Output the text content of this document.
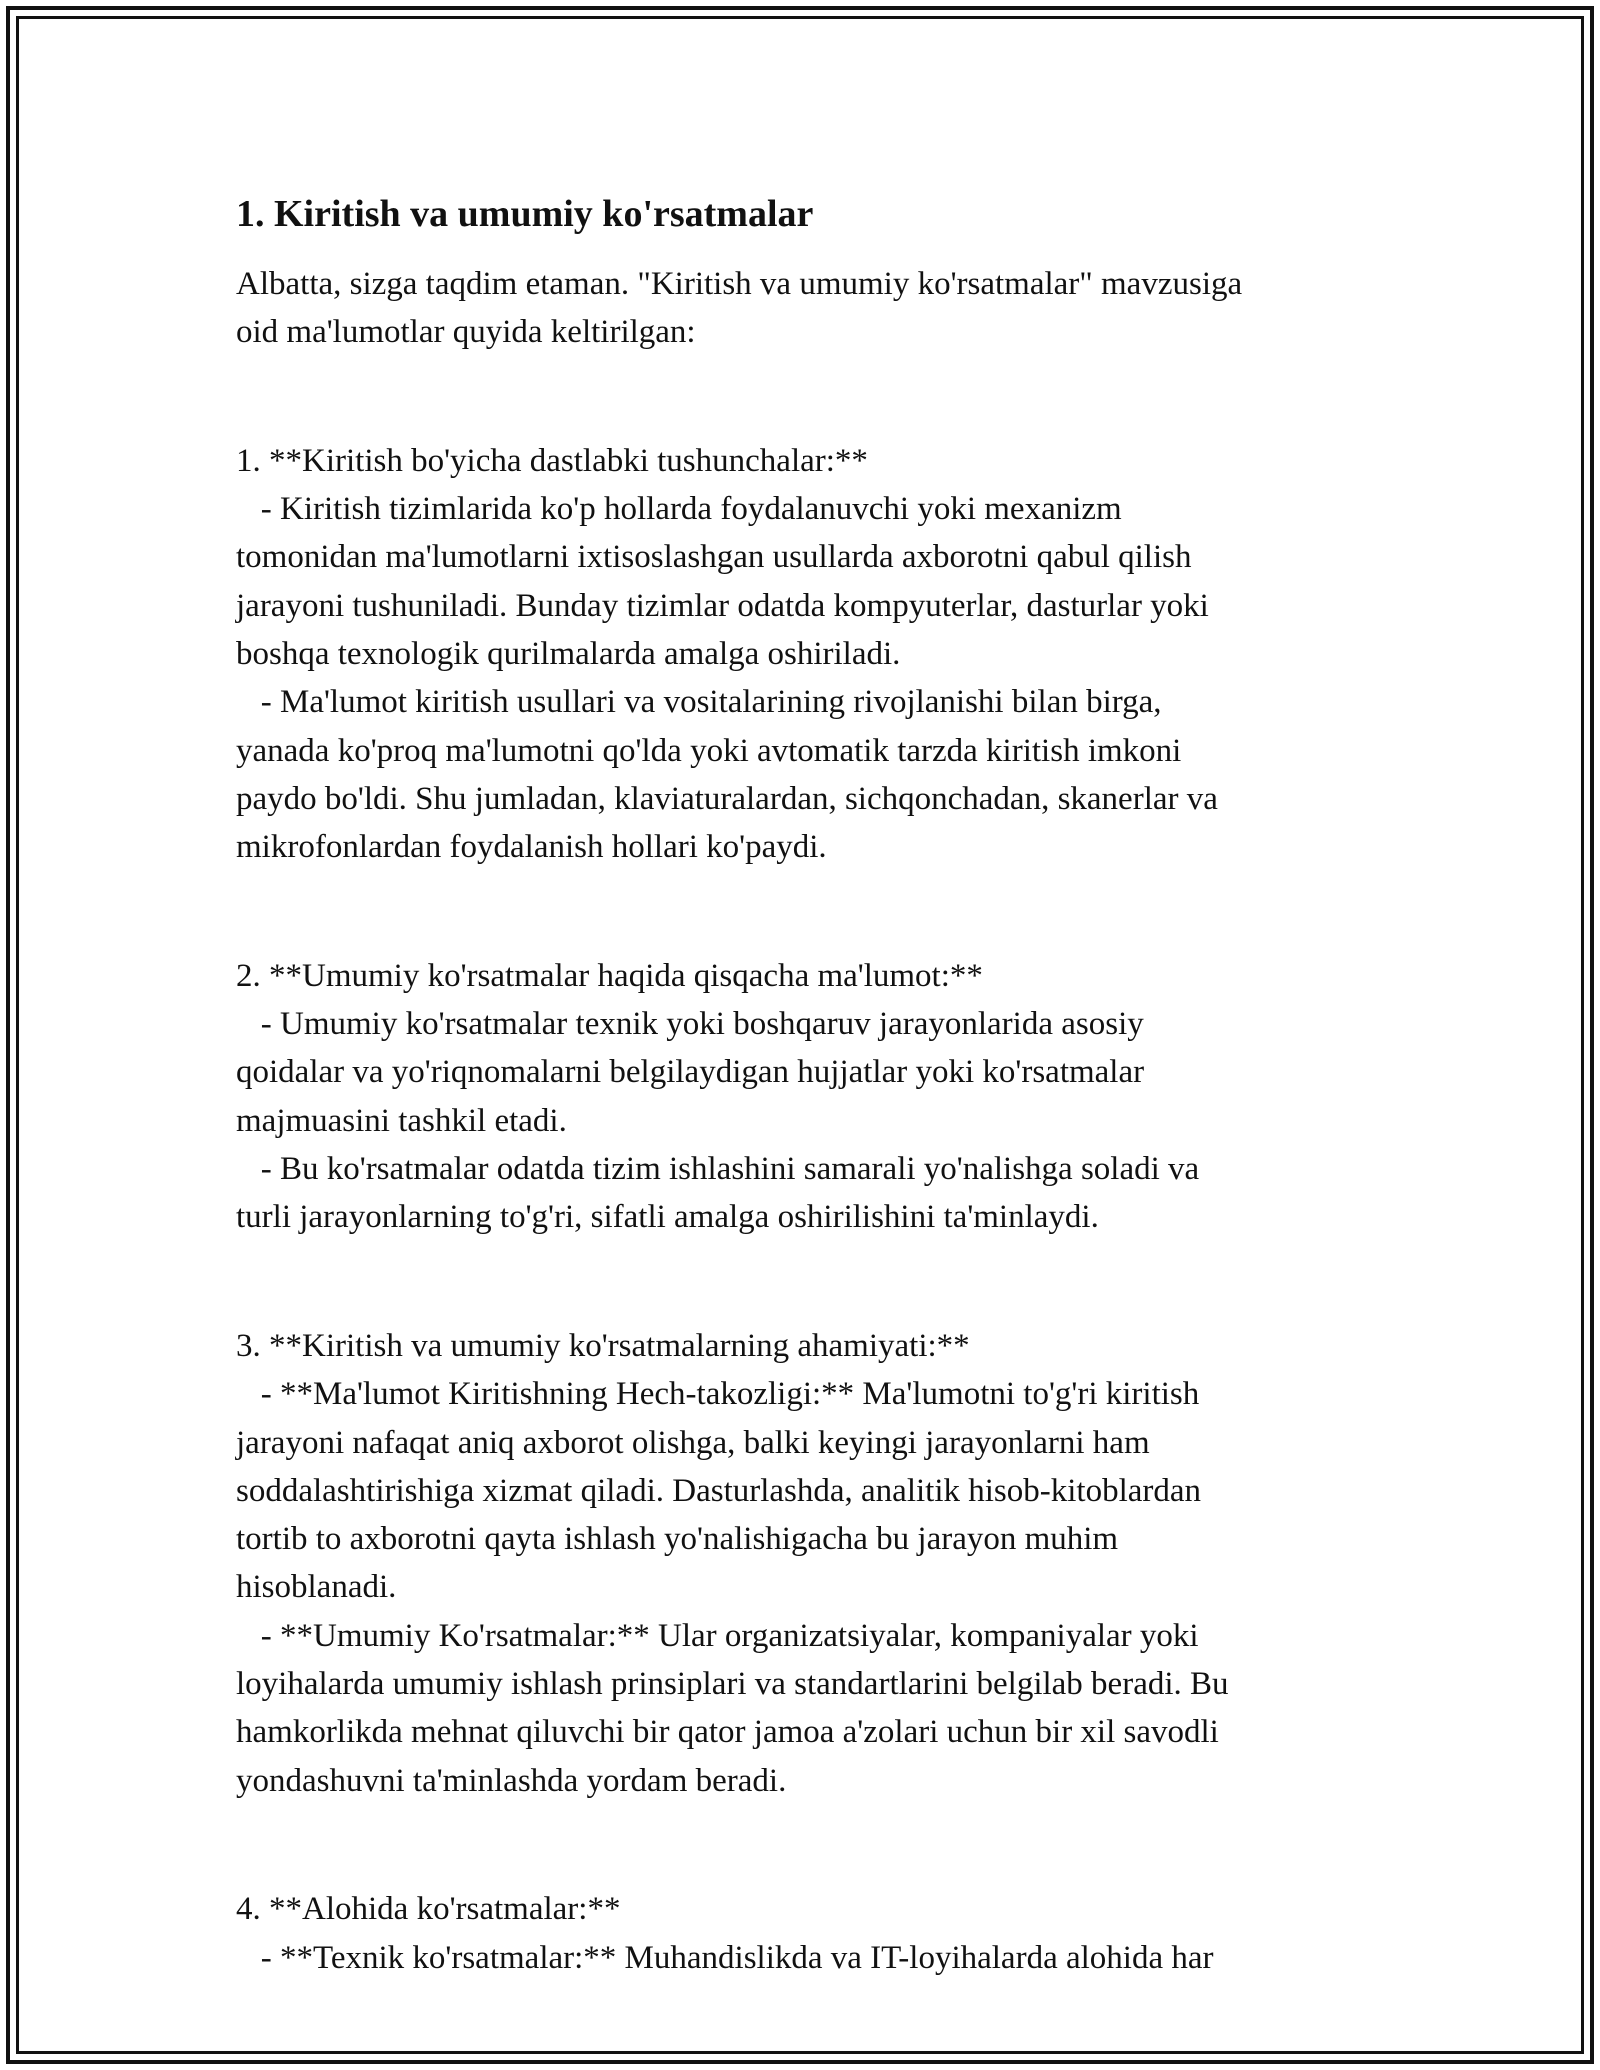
1. Kiritish va umumiy ko'rsatmalar

Albatta, sizga taqdim etaman. "Kiritish va umumiy ko'rsatmalar" mavzusiga

oid ma'lumotlar quyida keltirilgan:

1. **Kiritish bo'yicha dastlabki tushunchalar:**

- Kiritish tizimlarida ko'p hollarda foydalanuvchi yoki mexanizm

tomonidan ma'lumotlarni ixtisoslashgan usullarda axborotni qabul qilish

jarayoni tushuniladi. Bunday tizimlar odatda kompyuterlar, dasturlar yoki

boshqa texnologik qurilmalarda amalga oshiriladi.

- Ma'lumot kiritish usullari va vositalarining rivojlanishi bilan birga,

yanada ko'proq ma'lumotni qo'lda yoki avtomatik tarzda kiritish imkoni

paydo bo'ldi. Shu jumladan, klaviaturalardan, sichqonchadan, skanerlar va

mikrofonlardan foydalanish hollari ko'paydi.

2. **Umumiy ko'rsatmalar haqida qisqacha ma'lumot:**

- Umumiy ko'rsatmalar texnik yoki boshqaruv jarayonlarida asosiy

qoidalar va yo'riqnomalarni belgilaydigan hujjatlar yoki ko'rsatmalar

majmuasini tashkil etadi.

- Bu ko'rsatmalar odatda tizim ishlashini samarali yo'nalishga soladi va

turli jarayonlarning to'g'ri, sifatli amalga oshirilishini ta'minlaydi.

3. **Kiritish va umumiy ko'rsatmalarning ahamiyati:**

- **Ma'lumot Kiritishning Hech-takozligi:** Ma'lumotni to'g'ri kiritish

jarayoni nafaqat aniq axborot olishga, balki keyingi jarayonlarni ham

soddalashtirishiga xizmat qiladi. Dasturlashda, analitik hisob-kitoblardan

tortib to axborotni qayta ishlash yo'nalishigacha bu jarayon muhim

hisoblanadi.

- **Umumiy Ko'rsatmalar:** Ular organizatsiyalar, kompaniyalar yoki

loyihalarda umumiy ishlash prinsiplari va standartlarini belgilab beradi. Bu

hamkorlikda mehnat qiluvchi bir qator jamoa a'zolari uchun bir xil savodli

yondashuvni ta'minlashda yordam beradi.

4. **Alohida ko'rsatmalar:**

- **Texnik ko'rsatmalar:** Muhandislikda va IT-loyihalarda alohida har
